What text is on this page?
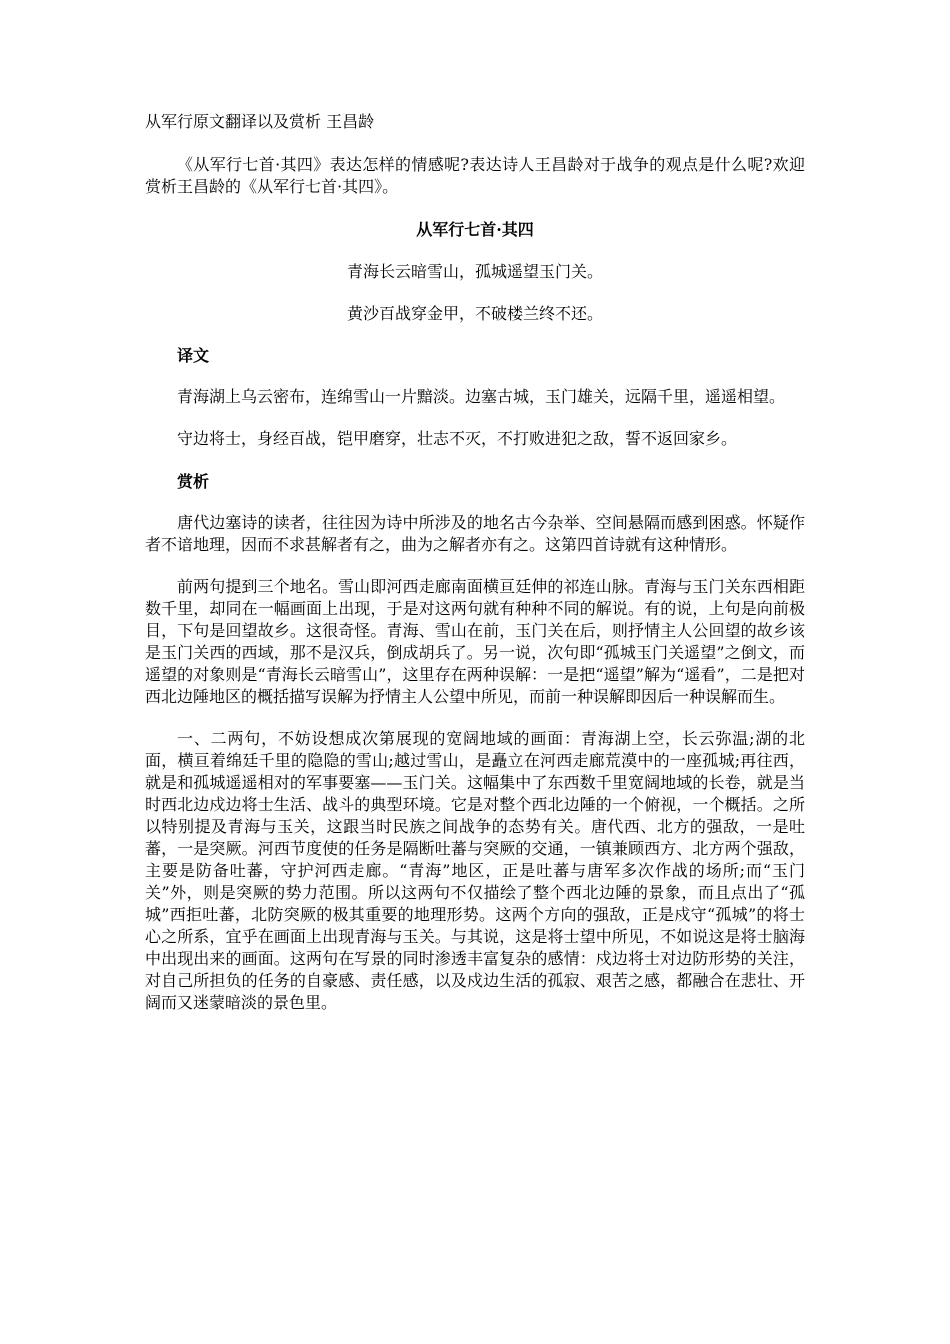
从军行原文翻译以及赏析 王昌龄

《从军行七首·其四》表达怎样的情感呢?表达诗人王昌龄对于战争的观点是什么呢?欢迎赏析王昌龄的《从军行七首·其四》。

从军行七首·其四
青海长云暗雪山，孤城遥望玉门关。
黄沙百战穿金甲，不破楼兰终不还。
译文

青海湖上乌云密布，连绵雪山一片黯淡。边塞古城，玉门雄关，远隔千里，遥遥相望。

守边将士，身经百战，铠甲磨穿，壮志不灭，不打败进犯之敌，誓不返回家乡。

赏析

唐代边塞诗的读者，往往因为诗中所涉及的地名古今杂举、空间悬隔而感到困惑。怀疑作者不谙地理，因而不求甚解者有之，曲为之解者亦有之。这第四首诗就有这种情形。

前两句提到三个地名。雪山即河西走廊南面横亘廷伸的祁连山脉。青海与玉门关东西相距数千里，却同在一幅画面上出现，于是对这两句就有种种不同的解说。有的说，上句是向前极目，下句是回望故乡。这很奇怪。青海、雪山在前，玉门关在后，则抒情主人公回望的故乡该是玉门关西的西域，那不是汉兵，倒成胡兵了。另一说，次句即“孤城玉门关遥望”之倒文，而遥望的对象则是“青海长云暗雪山”，这里存在两种误解：一是把“遥望”解为“遥看”，二是把对西北边陲地区的概括描写误解为抒情主人公望中所见，而前一种误解即因后一种误解而生。

一、二两句，不妨设想成次第展现的宽阔地域的画面：青海湖上空，长云弥温;湖的北面，横亘着绵廷千里的隐隐的雪山;越过雪山，是矗立在河西走廊荒漠中的一座孤城;再往西，就是和孤城遥遥相对的军事要塞——玉门关。这幅集中了东西数千里宽阔地域的长卷，就是当时西北边戍边将士生活、战斗的典型环境。它是对整个西北边陲的一个俯视，一个概括。之所以特别提及青海与玉关，这跟当时民族之间战争的态势有关。唐代西、北方的强敌，一是吐蕃，一是突厥。河西节度使的任务是隔断吐蕃与突厥的交通，一镇兼顾西方、北方两个强敌，主要是防备吐蕃，守护河西走廊。“青海”地区，正是吐蕃与唐军多次作战的场所;而“玉门关”外，则是突厥的势力范围。所以这两句不仅描绘了整个西北边陲的景象，而且点出了“孤城”西拒吐蕃，北防突厥的极其重要的地理形势。这两个方向的强敌，正是戍守“孤城”的将士心之所系，宜乎在画面上出现青海与玉关。与其说，这是将士望中所见，不如说这是将士脑海中出现出来的画面。这两句在写景的同时渗透丰富复杂的感情：戍边将士对边防形势的关注，对自己所担负的任务的自豪感、责任感，以及戍边生活的孤寂、艰苦之感，都融合在悲壮、开阔而又迷蒙暗淡的景色里。
